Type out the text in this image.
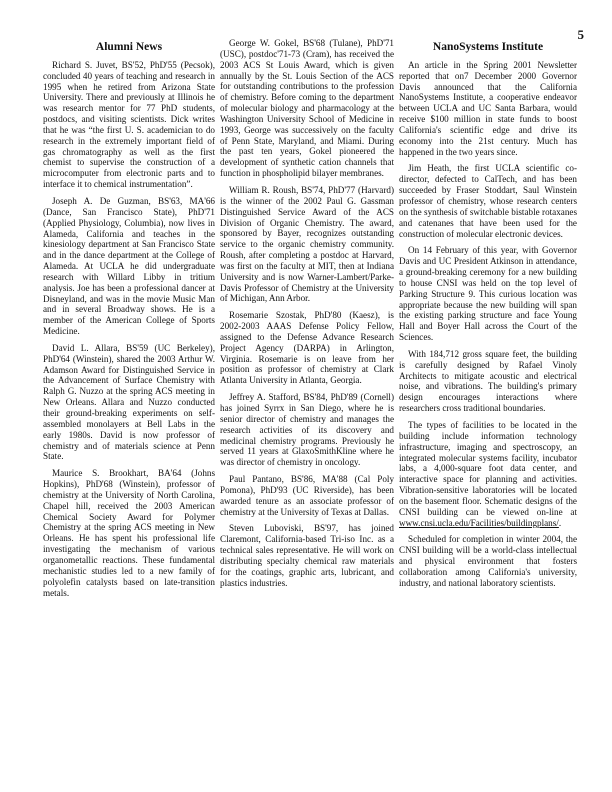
5
Alumni News

Richard S. Juvet, BS'52, PhD'55 (Pecsok), concluded 40 years of teaching and research in 1995 when he retired from Arizona State University. There and previously at Illinois he was research mentor for 77 PhD students, postdocs, and visiting scientists. Dick writes that he was “the first U. S. academician to do research in the extremely important field of gas chromatography as well as the first chemist to supervise the construction of a microcomputer from electronic parts and to interface it to chemical instrumentation”.

Joseph A. De Guzman, BS'63, MA'66 (Dance, San Francisco State), PhD'71 (Applied Physiology, Columbia), now lives in Alameda, California and teaches in the kinesiology department at San Francisco State and in the dance department at the College of Alameda. At UCLA he did undergraduate research with Willard Libby in tritium analysis. Joe has been a professional dancer at Disneyland, and was in the movie Music Man and in several Broadway shows. He is a member of the American College of Sports Medicine.

David L. Allara, BS'59 (UC Berkeley), PhD'64 (Winstein), shared the 2003 Arthur W. Adamson Award for Distinguished Service in the Advancement of Surface Chemistry with Ralph G. Nuzzo at the spring ACS meeting in New Orleans. Allara and Nuzzo conducted their ground-breaking experiments on self-assembled monolayers at Bell Labs in the early 1980s. David is now professor of chemistry and of materials science at Penn State.

Maurice S. Brookhart, BA'64 (Johns Hopkins), PhD'68 (Winstein), professor of chemistry at the University of North Carolina, Chapel hill, received the 2003 American Chemical Society Award for Polymer Chemistry at the spring ACS meeting in New Orleans. He has spent his professional life investigating the mechanism of various organometallic reactions. These fundamental mechanistic studies led to a new family of polyolefin catalysts based on late-transition metals.

George W. Gokel, BS'68 (Tulane), PhD'71 (USC), postdoc'71-73 (Cram), has received the 2003 ACS St Louis Award, which is given annually by the St. Louis Section of the ACS for outstanding contributions to the profession of chemistry. Before coming to the department of molecular biology and pharmacology at the Washington University School of Medicine in 1993, George was successively on the faculty of Penn State, Maryland, and Miami. During the past ten years, Gokel pioneered the development of synthetic cation channels that function in phospholipid bilayer membranes.

William R. Roush, BS'74, PhD'77 (Harvard) is the winner of the 2002 Paul G. Gassman Distinguished Service Award of the ACS Division of Organic Chemistry. The award, sponsored by Bayer, recognizes outstanding service to the organic chemistry community. Roush, after completing a postdoc at Harvard, was first on the faculty at MIT, then at Indiana University and is now Warner-Lambert/Parke-Davis Professor of Chemistry at the University of Michigan, Ann Arbor.

Rosemarie Szostak, PhD'80 (Kaesz), is 2002-2003 AAAS Defense Policy Fellow, assigned to the Defense Advance Research Project Agency (DARPA) in Arlington, Virginia. Rosemarie is on leave from her position as professor of chemistry at Clark Atlanta University in Atlanta, Georgia.

Jeffrey A. Stafford, BS'84, PhD'89 (Cornell) has joined Syrrx in San Diego, where he is senior director of chemistry and manages the research activities of its discovery and medicinal chemistry programs. Previously he served 11 years at GlaxoSmithKline where he was director of chemistry in oncology.

Paul Pantano, BS'86, MA'88 (Cal Poly Pomona), PhD'93 (UC Riverside), has been awarded tenure as an associate professor of chemistry at the University of Texas at Dallas.

Steven Luboviski, BS'97, has joined Claremont, California-based Tri-iso Inc. as a technical sales representative. He will work on distributing specialty chemical raw materials for the coatings, graphic arts, lubricant, and plastics industries.

NanoSystems Institute

An article in the Spring 2001 Newsletter reported that on7 December 2000 Governor Davis announced that the California NanoSystems Institute, a cooperative endeavor between UCLA and UC Santa Barbara, would receive $100 million in state funds to boost California's scientific edge and drive its economy into the 21st century. Much has happened in the two years since.

Jim Heath, the first UCLA scientific co-director, defected to CalTech, and has been succeeded by Fraser Stoddart, Saul Winstein professor of chemistry, whose research centers on the synthesis of switchable bistable rotaxanes and catenanes that have been used for the construction of molecular electronic devices.

On 14 February of this year, with Governor Davis and UC President Atkinson in attendance, a ground-breaking ceremony for a new building to house CNSI was held on the top level of Parking Structure 9. This curious location was appropriate because the new building will span the existing parking structure and face Young Hall and Boyer Hall across the Court of the Sciences.

With 184,712 gross square feet, the building is carefully designed by Rafael Vinoly Architects to mitigate acoustic and electrical noise, and vibrations. The building's primary design encourages interactions where researchers cross traditional boundaries.

The types of facilities to be located in the building include information technology infrastructure, imaging and spectroscopy, an integrated molecular systems facility, incubator labs, a 4,000-square foot data center, and interactive space for planning and activities. Vibration-sensitive laboratories will be located on the basement floor. Schematic designs of the CNSI building can be viewed on-line at www.cnsi.ucla.edu/Facilities/buildingplans/.

Scheduled for completion in winter 2004, the CNSI building will be a world-class intellectual and physical environment that fosters collaboration among California's university, industry, and national laboratory scientists.
